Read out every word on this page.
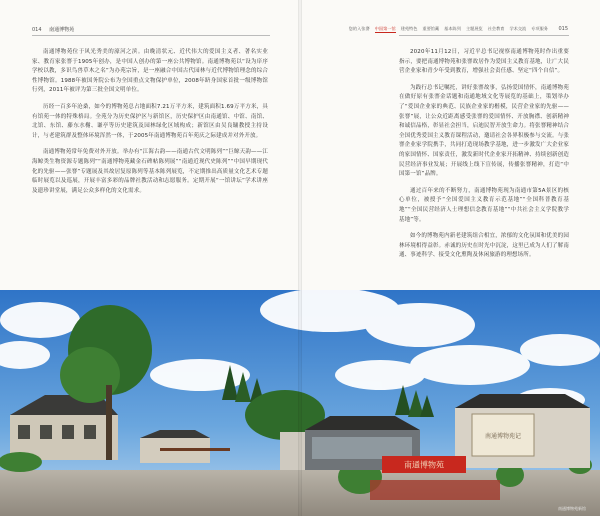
014 南通博物苑

南通博物苑位于风光秀美的濠河之滨。由晚清状元、近代伟大的爱国主义者、著名实业家、教育家张謇于1905年创办，是中国人创办的第一座公共博物馆。南通博物苑以“设为庠序学校以教，多识鸟兽草木之名”为办苑宗旨，是一座融合中国古代园林与近代博物馆理念的综合性博物馆。1988年被国务院公布为全国重点文物保护单位，2008年跻身国家首批一级博物馆行列，2011年被评为第三批全国文明单位。

历经一百多年沧桑，如今的博物苑总占地面积7.21万平方米，建筑面积1.69万平方米，具有馆苑一体的特殊格局。全苑分为历史保护区与新馆区，历史保护区由南通馆、中馆、南馆、北馆、东馆、藤东水榭、谦亭等历史建筑及园林绿化区域构成；新馆区由吴良镛教授主持设计，与老建筑群及整体环境浑然一体，于2005年南通博物苑百年苑庆之际建成并对外开放。

南通博物苑常年免费对外开放。举办有“江海古韵——南通古代文明陈列”“巨鲸天韵——江海鲸类生物资源专题陈列”“南通博物苑藏金石碑帖陈列展”“南通近现代史陈列”“中国早期现代化的先驱——张謇”专题展及其故居复原陈列等基本陈列展览，不定期推出高质量文化艺术专题临时展览以及巡展，开展丰富多彩的品牌社教活动和志愿服务。定期开展“一馆讲坛”学术讲座及遗珍讲堂展，满足公众多样化的文化需求。

您的入张謇 中国第一馆 建苑特色 重要馆藏 基本陈列 主题展览 社会教育 学术交流 专项服务 015

2020年11月12日，习近平总书记视察南通博物苑时作出重要指示，要把南通博物苑和张謇故居作为爱国主义教育基地，让广大民营企业家和青少年受到教育，增强社会责任感、坚定“四个自信”。

为践行总书记嘱托，讲好张謇故事，弘扬爱国情怀，南通博物苑在做好原有张謇金话题和南通地域文化等展览的基础上，策划举办了“爱国企业家的典范、民族企业家的楷模，民营企业家的先驱——张謇”展，让公众近距离感受张謇的爱国情怀、开放胸襟、创新精神和诚信品格，彰显社会担当，启迪民智开放生命力。将张謇精神结合全国优秀爱国主义教育课程活动，邀请社会各界积极参与交流。与张謇企业家学院携手，共同打造现场教学基地，进一步激发广大企业家的家国情怀、国家责任，激发新时代企业家开拓精神、持续创新创造民营经济事业发展；开展线上线下宣传展，传播张謇精神，打造“中国第一馆”品牌。

通过百年来的不断努力，南通博物苑现为南通市第5A景区的核心单位，被授予“全国爱国主义教育示范基地”“全国科普教育基地”“全国民营经济人士理想信念教育基地”“中共社会主义学院教学基地”等。

如今的博物苑内新老建筑组合相宜，浓郁的文化氛围和优美的园林环境相得益彰。赤诚的历史在时光中沉淀，这里已成为人们了解南通、事迹科学、接受文化熏陶及休闲旅游的理想场所。

南通博物苑记
南通博物苑
南通博物苑新馆
